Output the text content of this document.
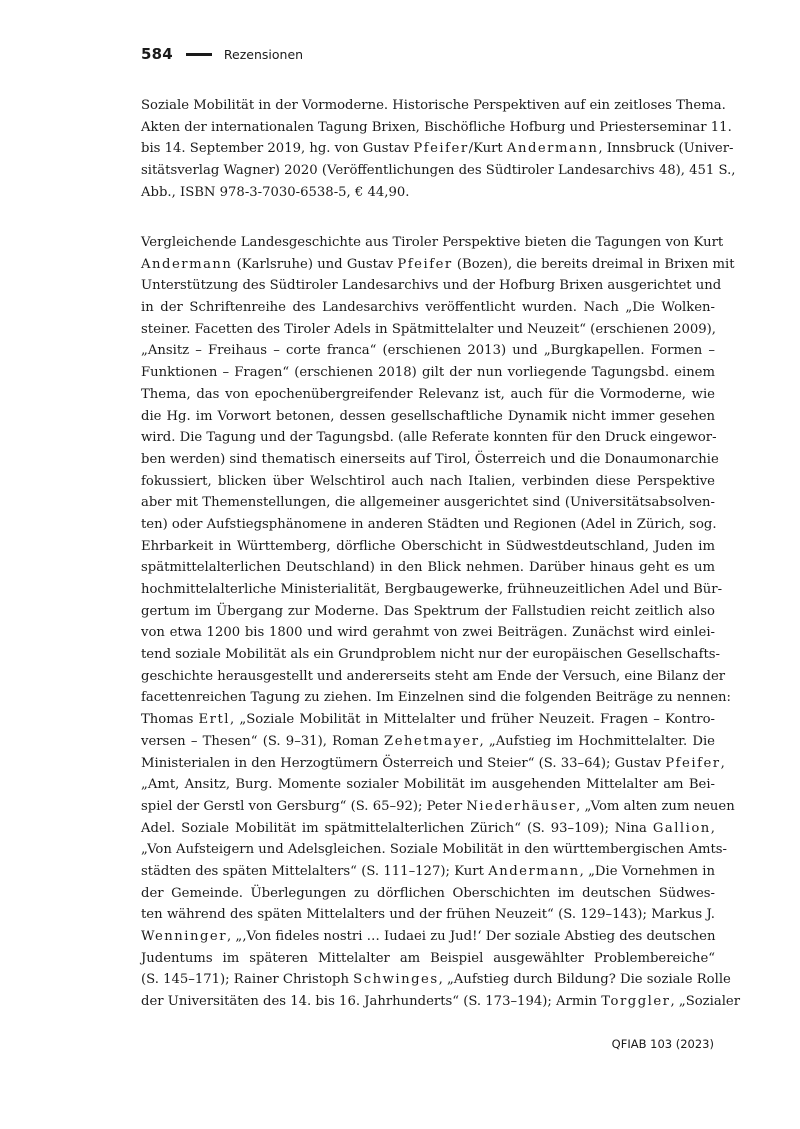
584	Rezensionen
Soziale Mobilität in der Vormoderne. Historische Perspektiven auf ein zeitloses Thema.
Akten der internationalen Tagung Brixen, Bischöfliche Hofburg und Priesterseminar 11.
bis 14. September 2019, hg. von Gustav Pfeifer/Kurt Andermann, Innsbruck (Univer-
sitätsverlag Wagner) 2020 (Veröffentlichungen des Südtiroler Landesarchivs 48), 451 S.,
Abb., ISBN 978-3-7030-6538-5, € 44,90.
Vergleichende Landesgeschichte aus Tiroler Perspektive bieten die Tagungen von Kurt
Andermann (Karlsruhe) und Gustav Pfeifer (Bozen), die bereits dreimal in Brixen mit
Unterstützung des Südtiroler Landesarchivs und der Hofburg Brixen ausgerichtet und
in der Schriftenreihe des Landesarchivs veröffentlicht wurden. Nach „Die Wolken-
steiner. Facetten des Tiroler Adels in Spätmittelalter und Neuzeit“ (erschienen 2009),
„Ansitz – Freihaus – corte franca“ (erschienen 2013) und „Burgkapellen. Formen –
Funktionen – Fragen“ (erschienen 2018) gilt der nun vorliegende Tagungsbd. einem
Thema, das von epochenübergreifender Relevanz ist, auch für die Vormoderne, wie
die Hg. im Vorwort betonen, dessen gesellschaftliche Dynamik nicht immer gesehen
wird. Die Tagung und der Tagungsbd. (alle Referate konnten für den Druck eingewor-
ben werden) sind thematisch einerseits auf Tirol, Österreich und die Donaumonarchie
fokussiert, blicken über Welschtirol auch nach Italien, verbinden diese Perspektive
aber mit Themenstellungen, die allgemeiner ausgerichtet sind (Universitätsabsolven-
ten) oder Aufstiegsphänomene in anderen Städten und Regionen (Adel in Zürich, sog.
Ehrbarkeit in Württemberg, dörfliche Oberschicht in Südwestdeutschland, Juden im
spätmittelalterlichen Deutschland) in den Blick nehmen. Darüber hinaus geht es um
hochmittelalterliche Ministerialität, Bergbaugewerke, frühneuzeitlichen Adel und Bür-
gertum im Übergang zur Moderne. Das Spektrum der Fallstudien reicht zeitlich also
von etwa 1200 bis 1800 und wird gerahmt von zwei Beiträgen. Zunächst wird einlei-
tend soziale Mobilität als ein Grundproblem nicht nur der europäischen Gesellschafts-
geschichte herausgestellt und andererseits steht am Ende der Versuch, eine Bilanz der
facettenreichen Tagung zu ziehen. Im Einzelnen sind die folgenden Beiträge zu nennen:
Thomas Ertl, „Soziale Mobilität in Mittelalter und früher Neuzeit. Fragen – Kontro-
versen – Thesen“ (S. 9–31), Roman Zehetmayer, „Aufstieg im Hochmittelalter. Die
Ministerialen in den Herzogtümern Österreich und Steier“ (S. 33–64); Gustav Pfeifer,
„Amt, Ansitz, Burg. Momente sozialer Mobilität im ausgehenden Mittelalter am Bei-
spiel der Gerstl von Gersburg“ (S. 65–92); Peter Niederhäuser, „Vom alten zum neuen
Adel. Soziale Mobilität im spätmittelalterlichen Zürich“ (S. 93–109); Nina Gallion,
„Von Aufsteigern und Adelsgleichen. Soziale Mobilität in den württembergischen Amts-
städten des späten Mittelalters“ (S. 111–127); Kurt Andermann, „Die Vornehmen in
der Gemeinde. Überlegungen zu dörflichen Oberschichten im deutschen Südwes-
ten während des späten Mittelalters und der frühen Neuzeit“ (S. 129–143); Markus J.
Wenninger, „‚Von fideles nostri … Iudaei zu Jud!‘ Der soziale Abstieg des deutschen
Judentums im späteren Mittelalter am Beispiel ausgewählter Problembereiche“
(S. 145–171); Rainer Christoph Schwinges, „Aufstieg durch Bildung? Die soziale Rolle
der Universitäten des 14. bis 16. Jahrhunderts“ (S. 173–194); Armin Torggler, „Sozialer
QFIAB 103 (2023)
